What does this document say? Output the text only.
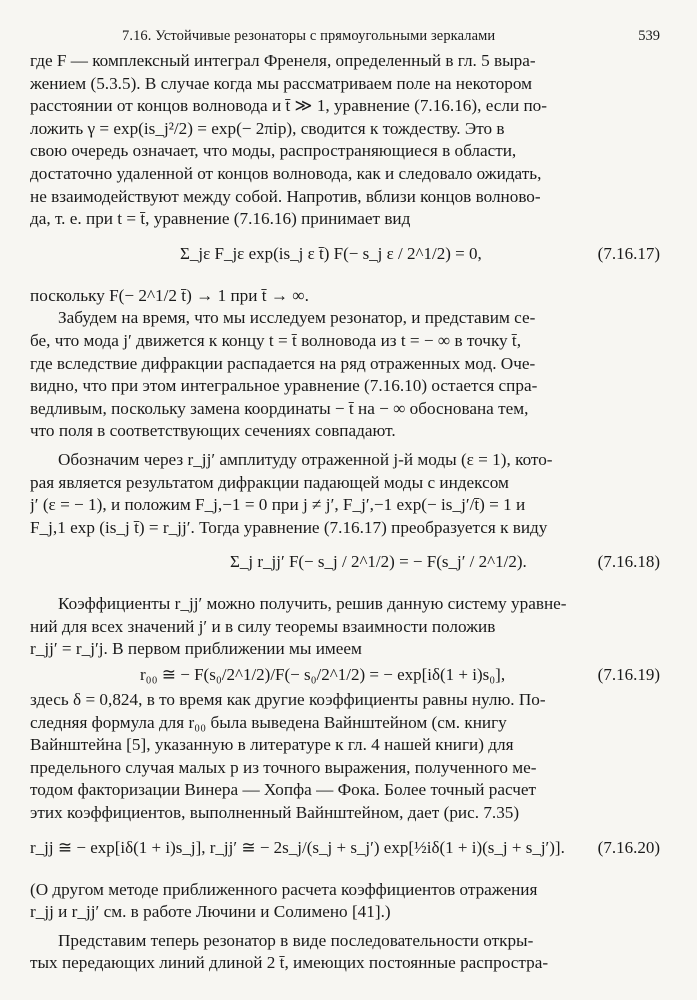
7.16. Устойчивые резонаторы с прямоугольными зеркалами	539
где F — комплексный интеграл Френеля, определенный в гл. 5 выра-
жением (5.3.5). В случае когда мы рассматриваем поле на некотором
расстоянии от концов волновода и t̄ ≫ 1, уравнение (7.16.16), если по-
ложить γ = exp(is_j²/2) = exp(− 2πip), сводится к тождеству. Это в
свою очередь означает, что моды, распространяющиеся в области,
достаточно удаленной от концов волновода, как и следовало ожидать,
не взаимодействуют между собой. Напротив, вблизи концов волново-
да, т. е. при t = t̄, уравнение (7.16.16) принимает вид
Σ_jε F_jε exp(is_j ε t̄) F(− s_j ε / 2^1/2) = 0,	(7.16.17)
поскольку F(− 2^1/2 t̄) → 1 при t̄ → ∞.
Забудем на время, что мы исследуем резонатор, и представим се-
бе, что мода j′ движется к концу t = t̄ волновода из t = − ∞ в точку t̄,
где вследствие дифракции распадается на ряд отраженных мод. Оче-
видно, что при этом интегральное уравнение (7.16.10) остается спра-
ведливым, поскольку замена координаты − t̄ на − ∞ обоснована тем,
что поля в соответствующих сечениях совпадают.
Обозначим через r_jj′ амплитуду отраженной j-й моды (ε = 1), кото-
рая является результатом дифракции падающей моды с индексом
j′ (ε = − 1), и положим F_j,−1 = 0 при j ≠ j′, F_j′,−1 exp(− is_j′/t̄) = 1 и
F_j,1 exp (is_j t̄) = r_jj′. Тогда уравнение (7.16.17) преобразуется к виду
Σ_j r_jj′ F(− s_j / 2^1/2) = − F(s_j′ / 2^1/2).	(7.16.18)
Коэффициенты r_jj′ можно получить, решив данную систему уравне-
ний для всех значений j′ и в силу теоремы взаимности положив
r_jj′ = r_j′j. В первом приближении мы имеем
r₀₀ ≅ − F(s₀/2^1/2)/F(− s₀/2^1/2) = − exp[iδ(1 + i)s₀],	(7.16.19)
здесь δ = 0,824, в то время как другие коэффициенты равны нулю. По-
следняя формула для r₀₀ была выведена Вайнштейном (см. книгу
Вайнштейна [5], указанную в литературе к гл. 4 нашей книги) для
предельного случая малых p из точного выражения, полученного ме-
тодом факторизации Винера — Хопфа — Фока. Более точный расчет
этих коэффициентов, выполненный Вайнштейном, дает (рис. 7.35)
r_jj ≅ − exp[iδ(1 + i)s_j], r_jj′ ≅ − 2s_j/(s_j + s_j′) exp[½iδ(1 + i)(s_j + s_j′)]. (7.16.20)
(О другом методе приближенного расчета коэффициентов отражения
r_jj и r_jj′ см. в работе Лючини и Солимено [41].)
Представим теперь резонатор в виде последовательности откры-
тых передающих линий длиной 2 t̄, имеющих постоянные распростра-
